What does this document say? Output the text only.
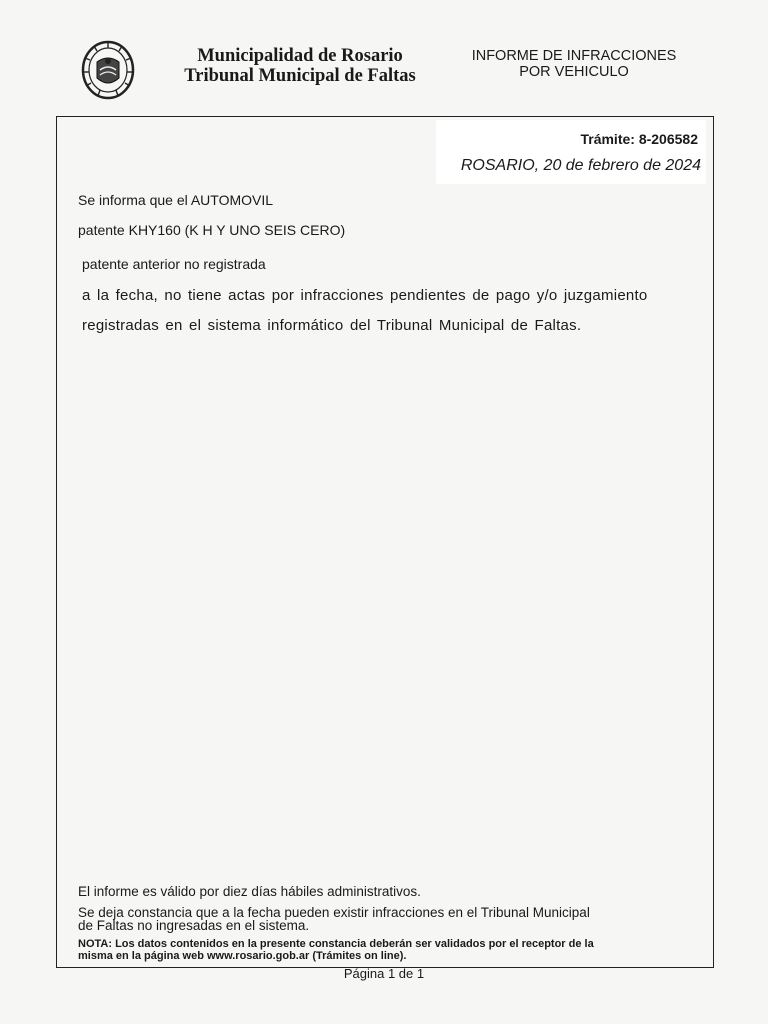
Municipalidad de Rosario
Tribunal Municipal de Faltas
INFORME DE INFRACCIONES
POR VEHICULO
Trámite: 8-206582
ROSARIO, 20 de febrero de 2024
Se informa que el AUTOMOVIL
patente KHY160 (K H Y UNO SEIS CERO)
patente anterior no registrada
a la fecha, no tiene actas por infracciones pendientes de pago y/o juzgamiento
registradas en el sistema informático del Tribunal Municipal de Faltas.
El informe es válido por diez días hábiles administrativos.
Se deja constancia que a la fecha pueden existir infracciones en el Tribunal Municipal
de Faltas no ingresadas en el sistema.
NOTA: Los datos contenidos en la presente constancia deberán ser validados por el receptor de la
misma en la página web www.rosario.gob.ar (Trámites on line).
Página 1 de 1
